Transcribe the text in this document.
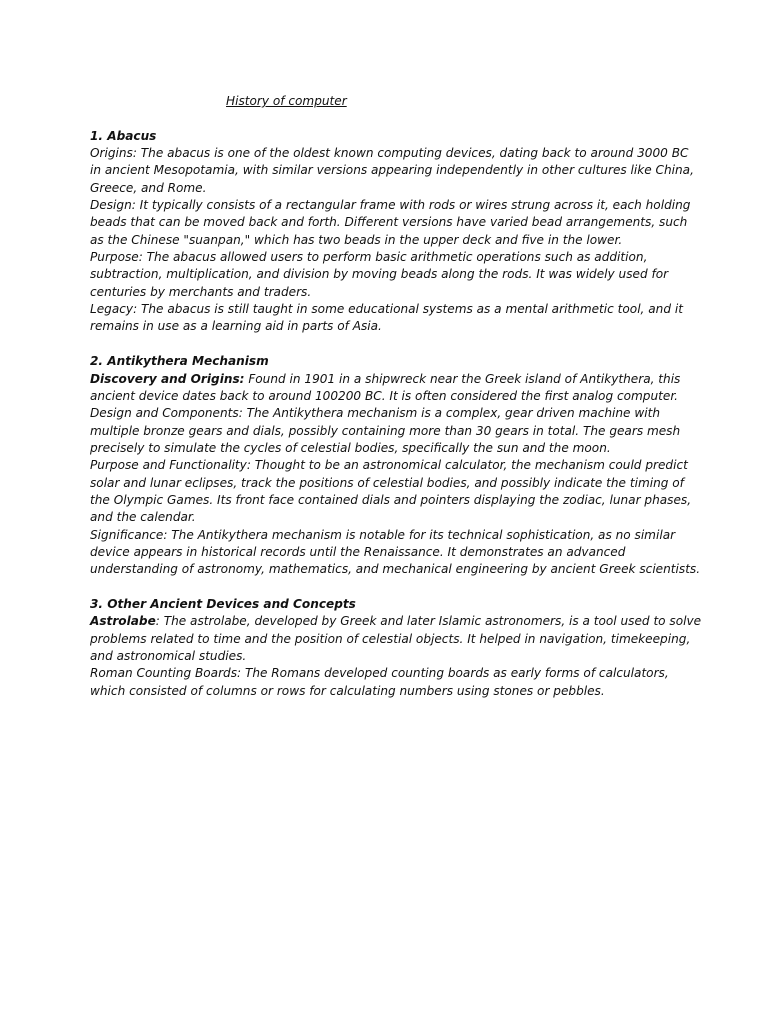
History of computer
1. Abacus

Origins: The abacus is one of the oldest known computing devices, dating back to around 3000 BC
in ancient Mesopotamia, with similar versions appearing independently in other cultures like China,
Greece, and Rome.

Design: It typically consists of a rectangular frame with rods or wires strung across it, each holding
beads that can be moved back and forth. Different versions have varied bead arrangements, such
as the Chinese "suanpan," which has two beads in the upper deck and five in the lower.

Purpose: The abacus allowed users to perform basic arithmetic operations such as addition,
subtraction, multiplication, and division by moving beads along the rods. It was widely used for
centuries by merchants and traders.

Legacy: The abacus is still taught in some educational systems as a mental arithmetic tool, and it
remains in use as a learning aid in parts of Asia.

2. Antikythera Mechanism

Discovery and Origins: Found in 1901 in a shipwreck near the Greek island of Antikythera, this
ancient device dates back to around 100200 BC. It is often considered the first analog computer.

Design and Components: The Antikythera mechanism is a complex, gear driven machine with
multiple bronze gears and dials, possibly containing more than 30 gears in total. The gears mesh
precisely to simulate the cycles of celestial bodies, specifically the sun and the moon.

Purpose and Functionality: Thought to be an astronomical calculator, the mechanism could predict
solar and lunar eclipses, track the positions of celestial bodies, and possibly indicate the timing of
the Olympic Games. Its front face contained dials and pointers displaying the zodiac, lunar phases,
and the calendar.

Significance: The Antikythera mechanism is notable for its technical sophistication, as no similar
device appears in historical records until the Renaissance. It demonstrates an advanced
understanding of astronomy, mathematics, and mechanical engineering by ancient Greek scientists.

3. Other Ancient Devices and Concepts

Astrolabe: The astrolabe, developed by Greek and later Islamic astronomers, is a tool used to solve
problems related to time and the position of celestial objects. It helped in navigation, timekeeping,
and astronomical studies.

Roman Counting Boards: The Romans developed counting boards as early forms of calculators,
which consisted of columns or rows for calculating numbers using stones or pebbles.
